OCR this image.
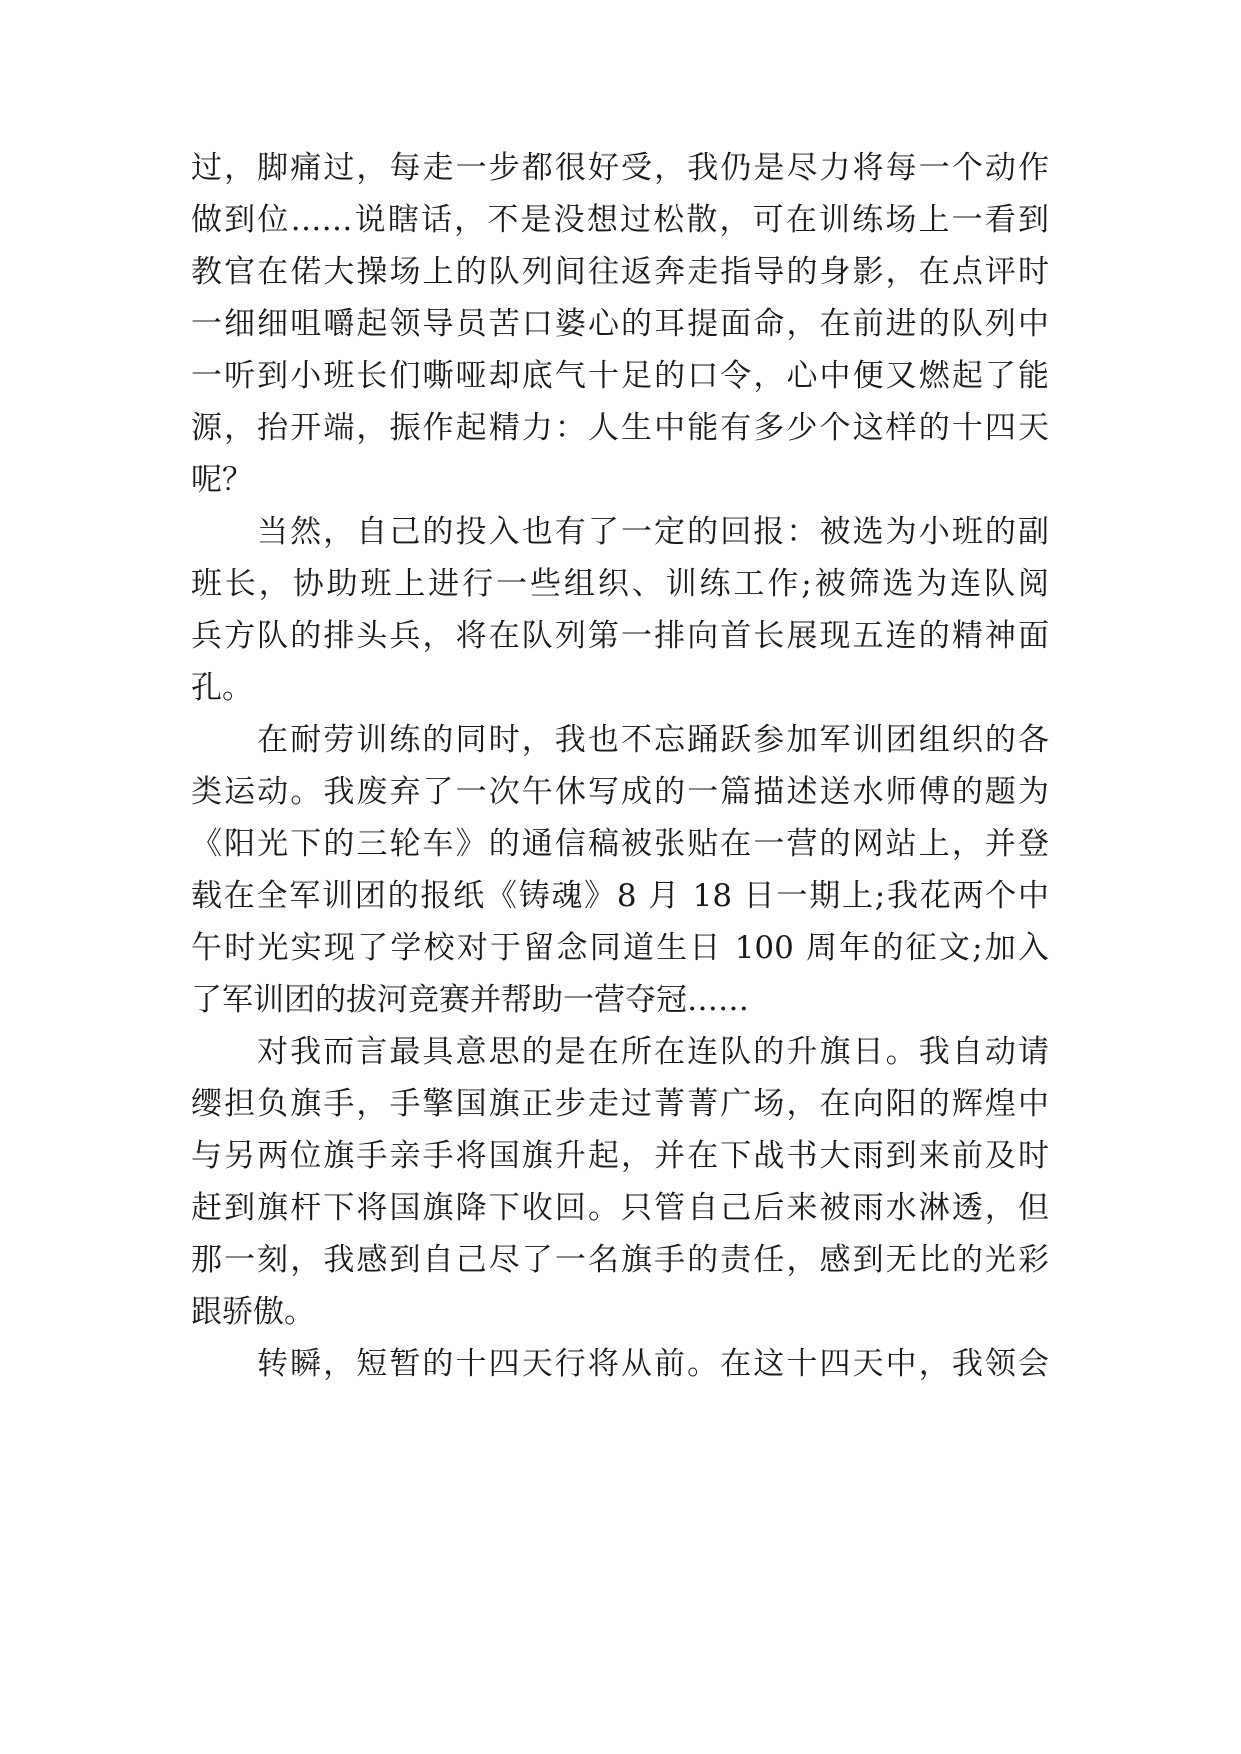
过，脚痛过，每走一步都很好受，我仍是尽力将每一个动作
做到位……说瞎话，不是没想过松散，可在训练场上一看到
教官在偌大操场上的队列间往返奔走指导的身影，在点评时
一细细咀嚼起领导员苦口婆心的耳提面命，在前进的队列中
一听到小班长们嘶哑却底气十足的口令，心中便又燃起了能
源，抬开端，振作起精力：人生中能有多少个这样的十四天
呢？
当然，自己的投入也有了一定的回报：被选为小班的副
班长，协助班上进行一些组织、训练工作;被筛选为连队阅
兵方队的排头兵，将在队列第一排向首长展现五连的精神面
孔。
在耐劳训练的同时，我也不忘踊跃参加军训团组织的各
类运动。我废弃了一次午休写成的一篇描述送水师傅的题为
《阳光下的三轮车》的通信稿被张贴在一营的网站上，并登
载在全军训团的报纸《铸魂》8 月 18 日一期上;我花两个中
午时光实现了学校对于留念同道生日 100 周年的征文;加入
了军训团的拔河竞赛并帮助一营夺冠……
对我而言最具意思的是在所在连队的升旗日。我自动请
缨担负旗手，手擎国旗正步走过菁菁广场，在向阳的辉煌中
与另两位旗手亲手将国旗升起，并在下战书大雨到来前及时
赶到旗杆下将国旗降下收回。只管自己后来被雨水淋透，但
那一刻，我感到自己尽了一名旗手的责任，感到无比的光彩
跟骄傲。
转瞬，短暂的十四天行将从前。在这十四天中，我领会
